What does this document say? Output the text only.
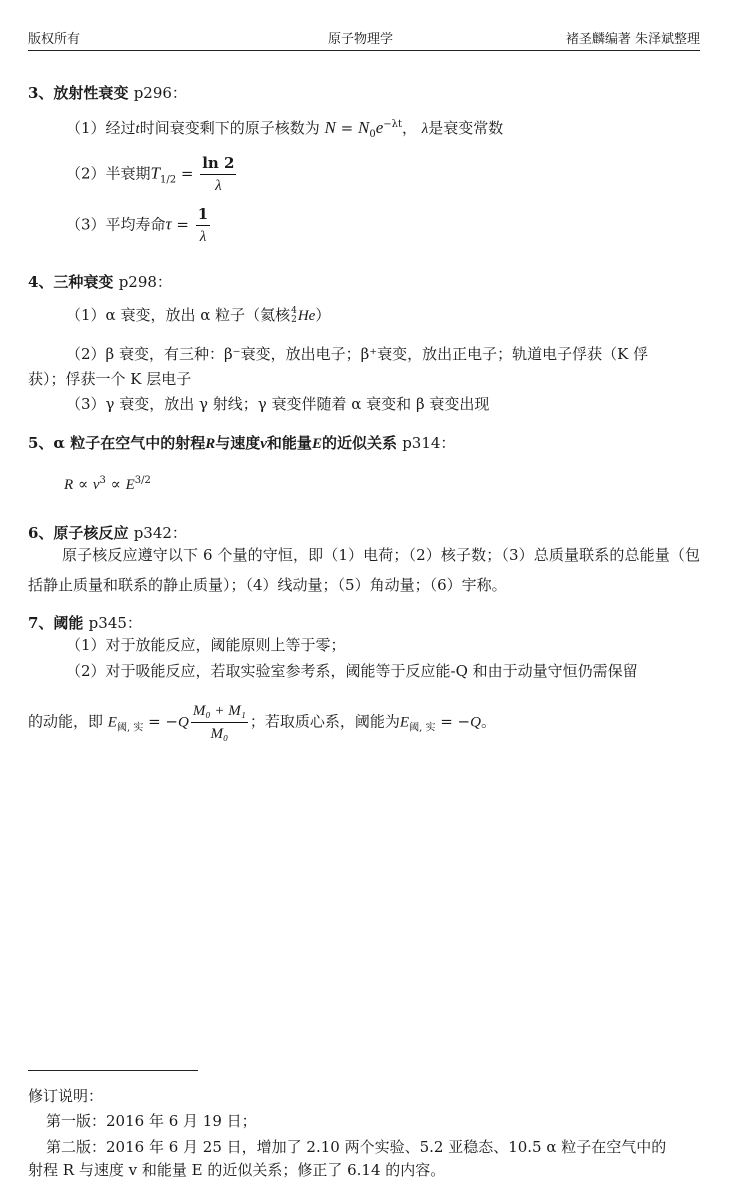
版权所有	原子物理学	褚圣麟编著 朱泽斌整理
3、放射性衰变 p296：
（1）经过t时间衰变剩下的原子核数为 $N = N_0e^{-\lambda t}$， λ是衰变常数
（2）半衰期$T_{1/2} = \frac{\ln 2}{\lambda}$
（3）平均寿命$\tau = \frac{1}{\lambda}$
4、三种衰变 p298：
（1）α 衰变，放出 α 粒子（氦核 4
2 He）
（2）β 衰变，有三种：β⁻衰变，放出电子；β⁺衰变，放出正电子；轨道电子俘获（K 俘
获）；俘获一个 K 层电子
（3）γ 衰变，放出 γ 射线；γ 衰变伴随着 α 衰变和 β 衰变出现
5、α 粒子在空气中的射程R与速度v和能量E的近似关系 p314：
$R \propto v^3 \propto E^{3/2}$
6、原子核反应 p342：
原子核反应遵守以下 6 个量的守恒，即（1）电荷；（2）核子数；（3）总质量联系的总能量（包括静止质量和联系的静止质量）；（4）线动量；（5）角动量；（6）宇称。
7、阈能 p345：
（1）对于放能反应，阈能原则上等于零；
（2）对于吸能反应，若取实验室参考系，阈能等于反应能-Q 和由于动量守恒仍需保留
的动能，即 $E_{阈, 实} = -Q \frac{\text{M₀ + M₁}}{\text{M₀}}$ ；若取质心系，阈能为$E_{阈, 实} = -Q$。
修订说明：
第一版：2016 年 6 月 19 日；
第二版：2016 年 6 月 25 日，增加了 2.10 两个实验、5.2 亚稳态、10.5 α 粒子在空气中的
射程 R 与速度 v 和能量 E 的近似关系；修正了 6.14 的内容。
